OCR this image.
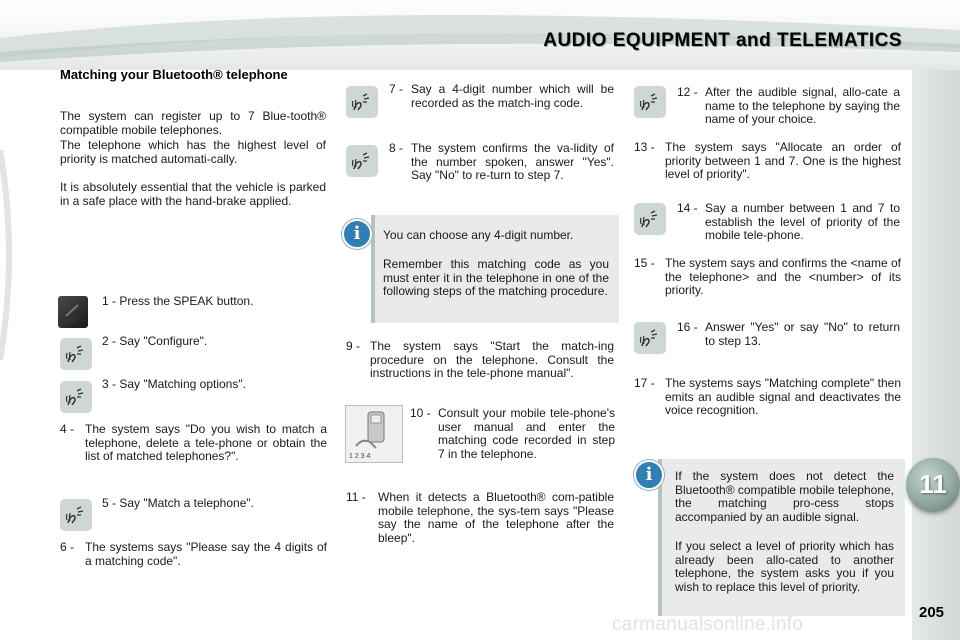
AUDIO EQUIPMENT and TELEMATICS
11
Matching your Bluetooth® telephone

The system can register up to 7 Blue-tooth® compatible mobile telephones.

The telephone which has the highest level of priority is matched automati-cally.

It is absolutely essential that the vehicle is parked in a safe place with the hand-brake applied.

1 - Press the SPEAK button.
2 - Say "Configure".
3 - Say "Matching options".
4 - The system says "Do you wish to match a telephone, delete a tele-phone or obtain the list of matched telephones?".
5 - Say "Match a telephone".
6 - The systems says "Please say the 4 digits of a matching code".
7 - Say a 4-digit number which will be recorded as the match-ing code.
8 - The system confirms the va-lidity of the number spoken, answer "Yes". Say "No" to re-turn to step 7.
i	You can choose any 4-digit number.

Remember this matching code as you must enter it in the telephone in one of the following steps of the matching procedure.

9 - The system says "Start the match-ing procedure on the telephone. Consult the instructions in the tele-phone manual".
1 2 3 4
10 - Consult your mobile tele-phone's user manual and enter the matching code recorded in step 7 in the telephone.
11 - When it detects a Bluetooth® com-patible mobile telephone, the sys-tem says "Please say the name of the telephone after the bleep".
12 - After the audible signal, allo-cate a name to the telephone by saying the name of your choice.
13 - The system says "Allocate an order of priority between 1 and 7. One is the highest level of priority".
14 - Say a number between 1 and 7 to establish the level of priority of the mobile tele-phone.
15 - The system says and confirms the <name of the telephone> and the <number> of its priority.
16 - Answer "Yes" or say "No" to return to step 13.
17 - The systems says "Matching complete" then emits an audible signal and deactivates the voice recognition.
i	If the system does not detect the Bluetooth® compatible mobile telephone, the matching pro-cess stops accompanied by an audible signal.

If you select a level of priority which has already been allo-cated to another telephone, the system asks you if you wish to replace this level of priority.

carmanualsonline.info
205
